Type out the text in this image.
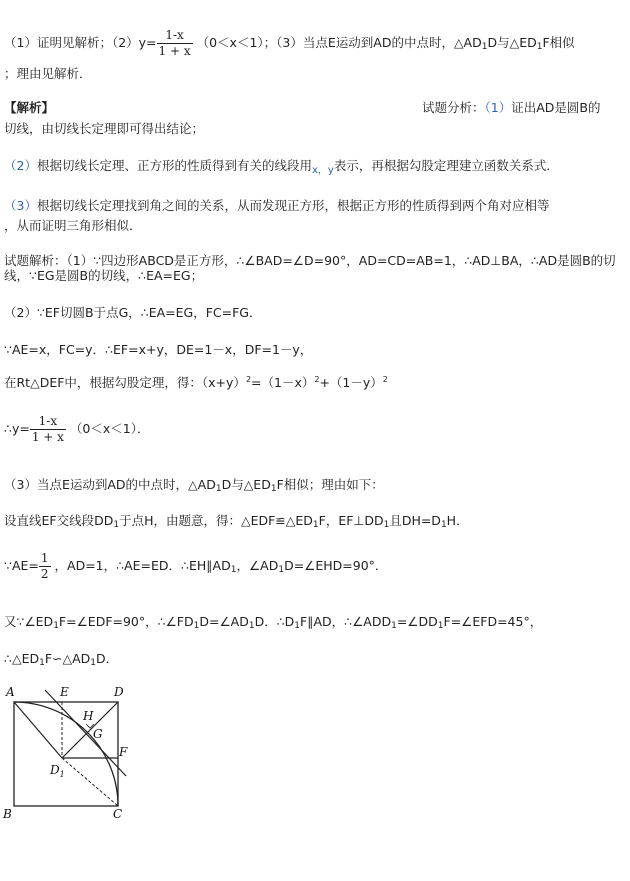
（1）证明见解析；$(2)y= \frac{1-x}{1 + x} (0<x<1)$；（3）当点E运动到AD的中点时，$\triangle AD_1D$与$\triangle ED_1F$相似
；理由见解析．
【解析】	试题分析：（1）证出AD是圆B的
切线，由切线长定理即可得出结论；
（2）根据切线长定理、正方形的性质得到有关的线段用$_{x,y}$表示，再根据勾股定理建立函数关系式．
（3）根据切线长定理找到角之间的关系，从而发现正方形，根据正方形的性质得到两个角对应相等
，从而证明三角形相似．
试题解析：（1）∵四边形ABCD是正方形，∴∠BAD=∠D=90°，AD=CD=AB=1，∴AD⊥BA，∴AD是圆B的切
线，∵EG是圆B的切线，∴EA=EG；
（2）∵EF切圆B于点G，∴EA=EG，FC=FG．
∵AE=x，FC=y．∴EF=x+y，DE=1－x，DF=1－y，
在Rt△DEF中，根据勾股定理，得：$(x+y)^2=(1-x)^2+(1-y)^2$
∴y= $\frac{1-x}{1 + x} (0<x<1)$．
（3）当点E运动到AD的中点时，$\triangle AD_1D$与$\triangle ED_1F$相似；理由如下：
设直线EF交线段$DD_1$于点H，由题意，得：$\triangle EDF≌\triangle ED_1F$，$EF\perp DD_1$且$DH=D_1H$．
∵AE= $\frac{1}{2}$ ，AD=1，∴AE=ED．$\therefore EH\parallel AD_1$，$\angle AD_1D=\angle EHD=90^\circ$．
又$\because\angle ED_1F=\angle EDF=90^\circ$，$\therefore\angle FD_1D=\angle AD_1D$．$\therefore D_1F\parallel AD$，$\therefore\angle ADD_1=\angle DD_1F=\angle EFD=45^\circ$，
$\therefore\triangle ED_1F∽\triangle AD_1D$．
A	E	D
H
G
F
$D_1$
B	C
